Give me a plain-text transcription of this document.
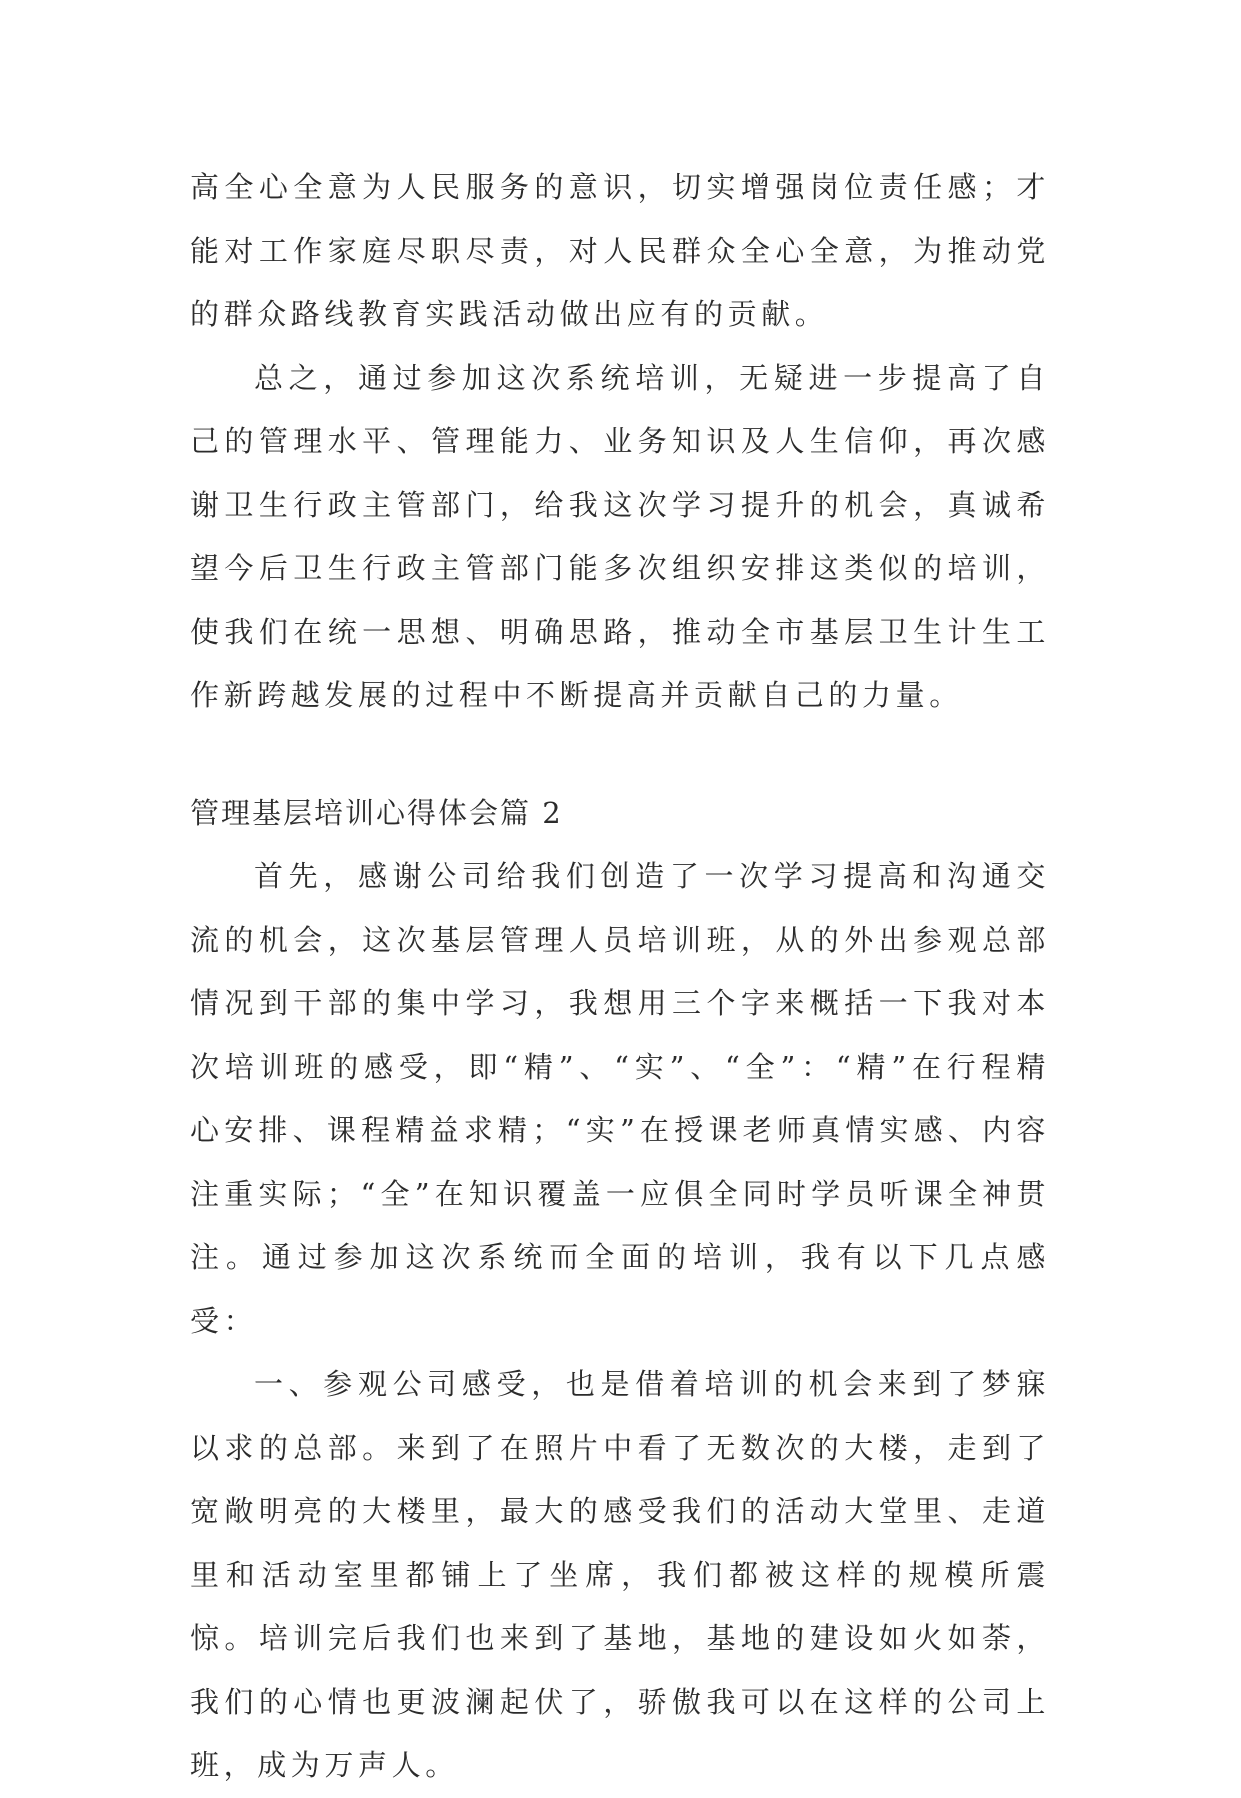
高全心全意为人民服务的意识，切实增强岗位责任感；才能对工作家庭尽职尽责，对人民群众全心全意，为推动党的群众路线教育实践活动做出应有的贡献。

总之，通过参加这次系统培训，无疑进一步提高了自己的管理水平、管理能力、业务知识及人生信仰，再次感谢卫生行政主管部门，给我这次学习提升的机会，真诚希望今后卫生行政主管部门能多次组织安排这类似的培训，使我们在统一思想、明确思路，推动全市基层卫生计生工作新跨越发展的过程中不断提高并贡献自己的力量。

管理基层培训心得体会篇 2

首先，感谢公司给我们创造了一次学习提高和沟通交流的机会，这次基层管理人员培训班，从的外出参观总部情况到干部的集中学习，我想用三个字来概括一下我对本次培训班的感受，即“精”、“实”、“全”：“精”在行程精心安排、课程精益求精；“实”在授课老师真情实感、内容注重实际；“全”在知识覆盖一应俱全同时学员听课全神贯注。通过参加这次系统而全面的培训，我有以下几点感受：

一、参观公司感受，也是借着培训的机会来到了梦寐以求的总部。来到了在照片中看了无数次的大楼，走到了宽敞明亮的大楼里，最大的感受我们的活动大堂里、走道里和活动室里都铺上了坐席，我们都被这样的规模所震惊。培训完后我们也来到了基地，基地的建设如火如荼，我们的心情也更波澜起伏了，骄傲我可以在这样的公司上班，成为万声人。
